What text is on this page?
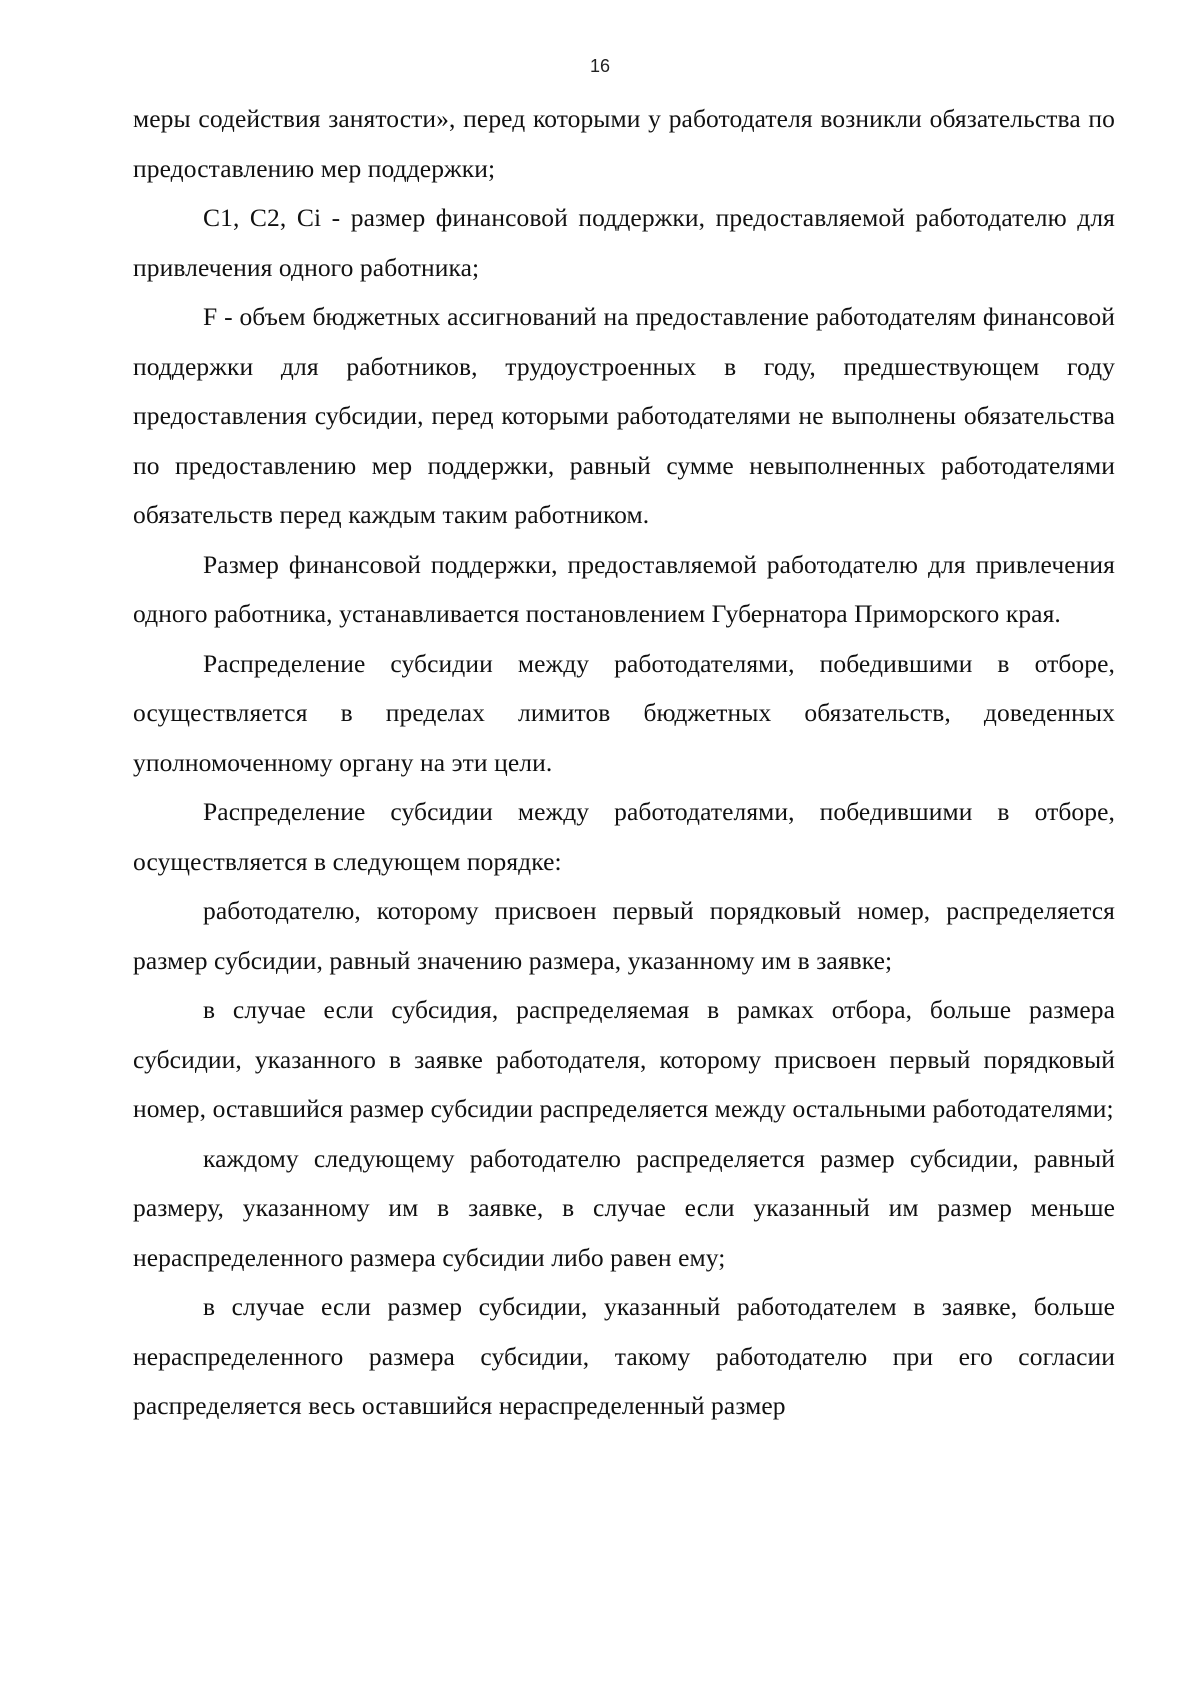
16

меры содействия занятости», перед которыми у работодателя возникли обязательства по предоставлению мер поддержки;

C1, C2, Ci - размер финансовой поддержки, предоставляемой работодателю для привлечения одного работника;

F - объем бюджетных ассигнований на предоставление работодателям финансовой поддержки для работников, трудоустроенных в году, предшествующем году предоставления субсидии, перед которыми работодателями не выполнены обязательства по предоставлению мер поддержки, равный сумме невыполненных работодателями обязательств перед каждым таким работником.

Размер финансовой поддержки, предоставляемой работодателю для привлечения одного работника, устанавливается постановлением Губернатора Приморского края.

Распределение субсидии между работодателями, победившими в отборе, осуществляется в пределах лимитов бюджетных обязательств, доведенных уполномоченному органу на эти цели.

Распределение субсидии между работодателями, победившими в отборе, осуществляется в следующем порядке:

работодателю, которому присвоен первый порядковый номер, распределяется размер субсидии, равный значению размера, указанному им в заявке;

в случае если субсидия, распределяемая в рамках отбора, больше размера субсидии, указанного в заявке работодателя, которому присвоен первый порядковый номер, оставшийся размер субсидии распределяется между остальными работодателями;

каждому следующему работодателю распределяется размер субсидии, равный размеру, указанному им в заявке, в случае если указанный им размер меньше нераспределенного размера субсидии либо равен ему;

в случае если размер субсидии, указанный работодателем в заявке, больше нераспределенного размера субсидии, такому работодателю при его согласии распределяется весь оставшийся нераспределенный размер
